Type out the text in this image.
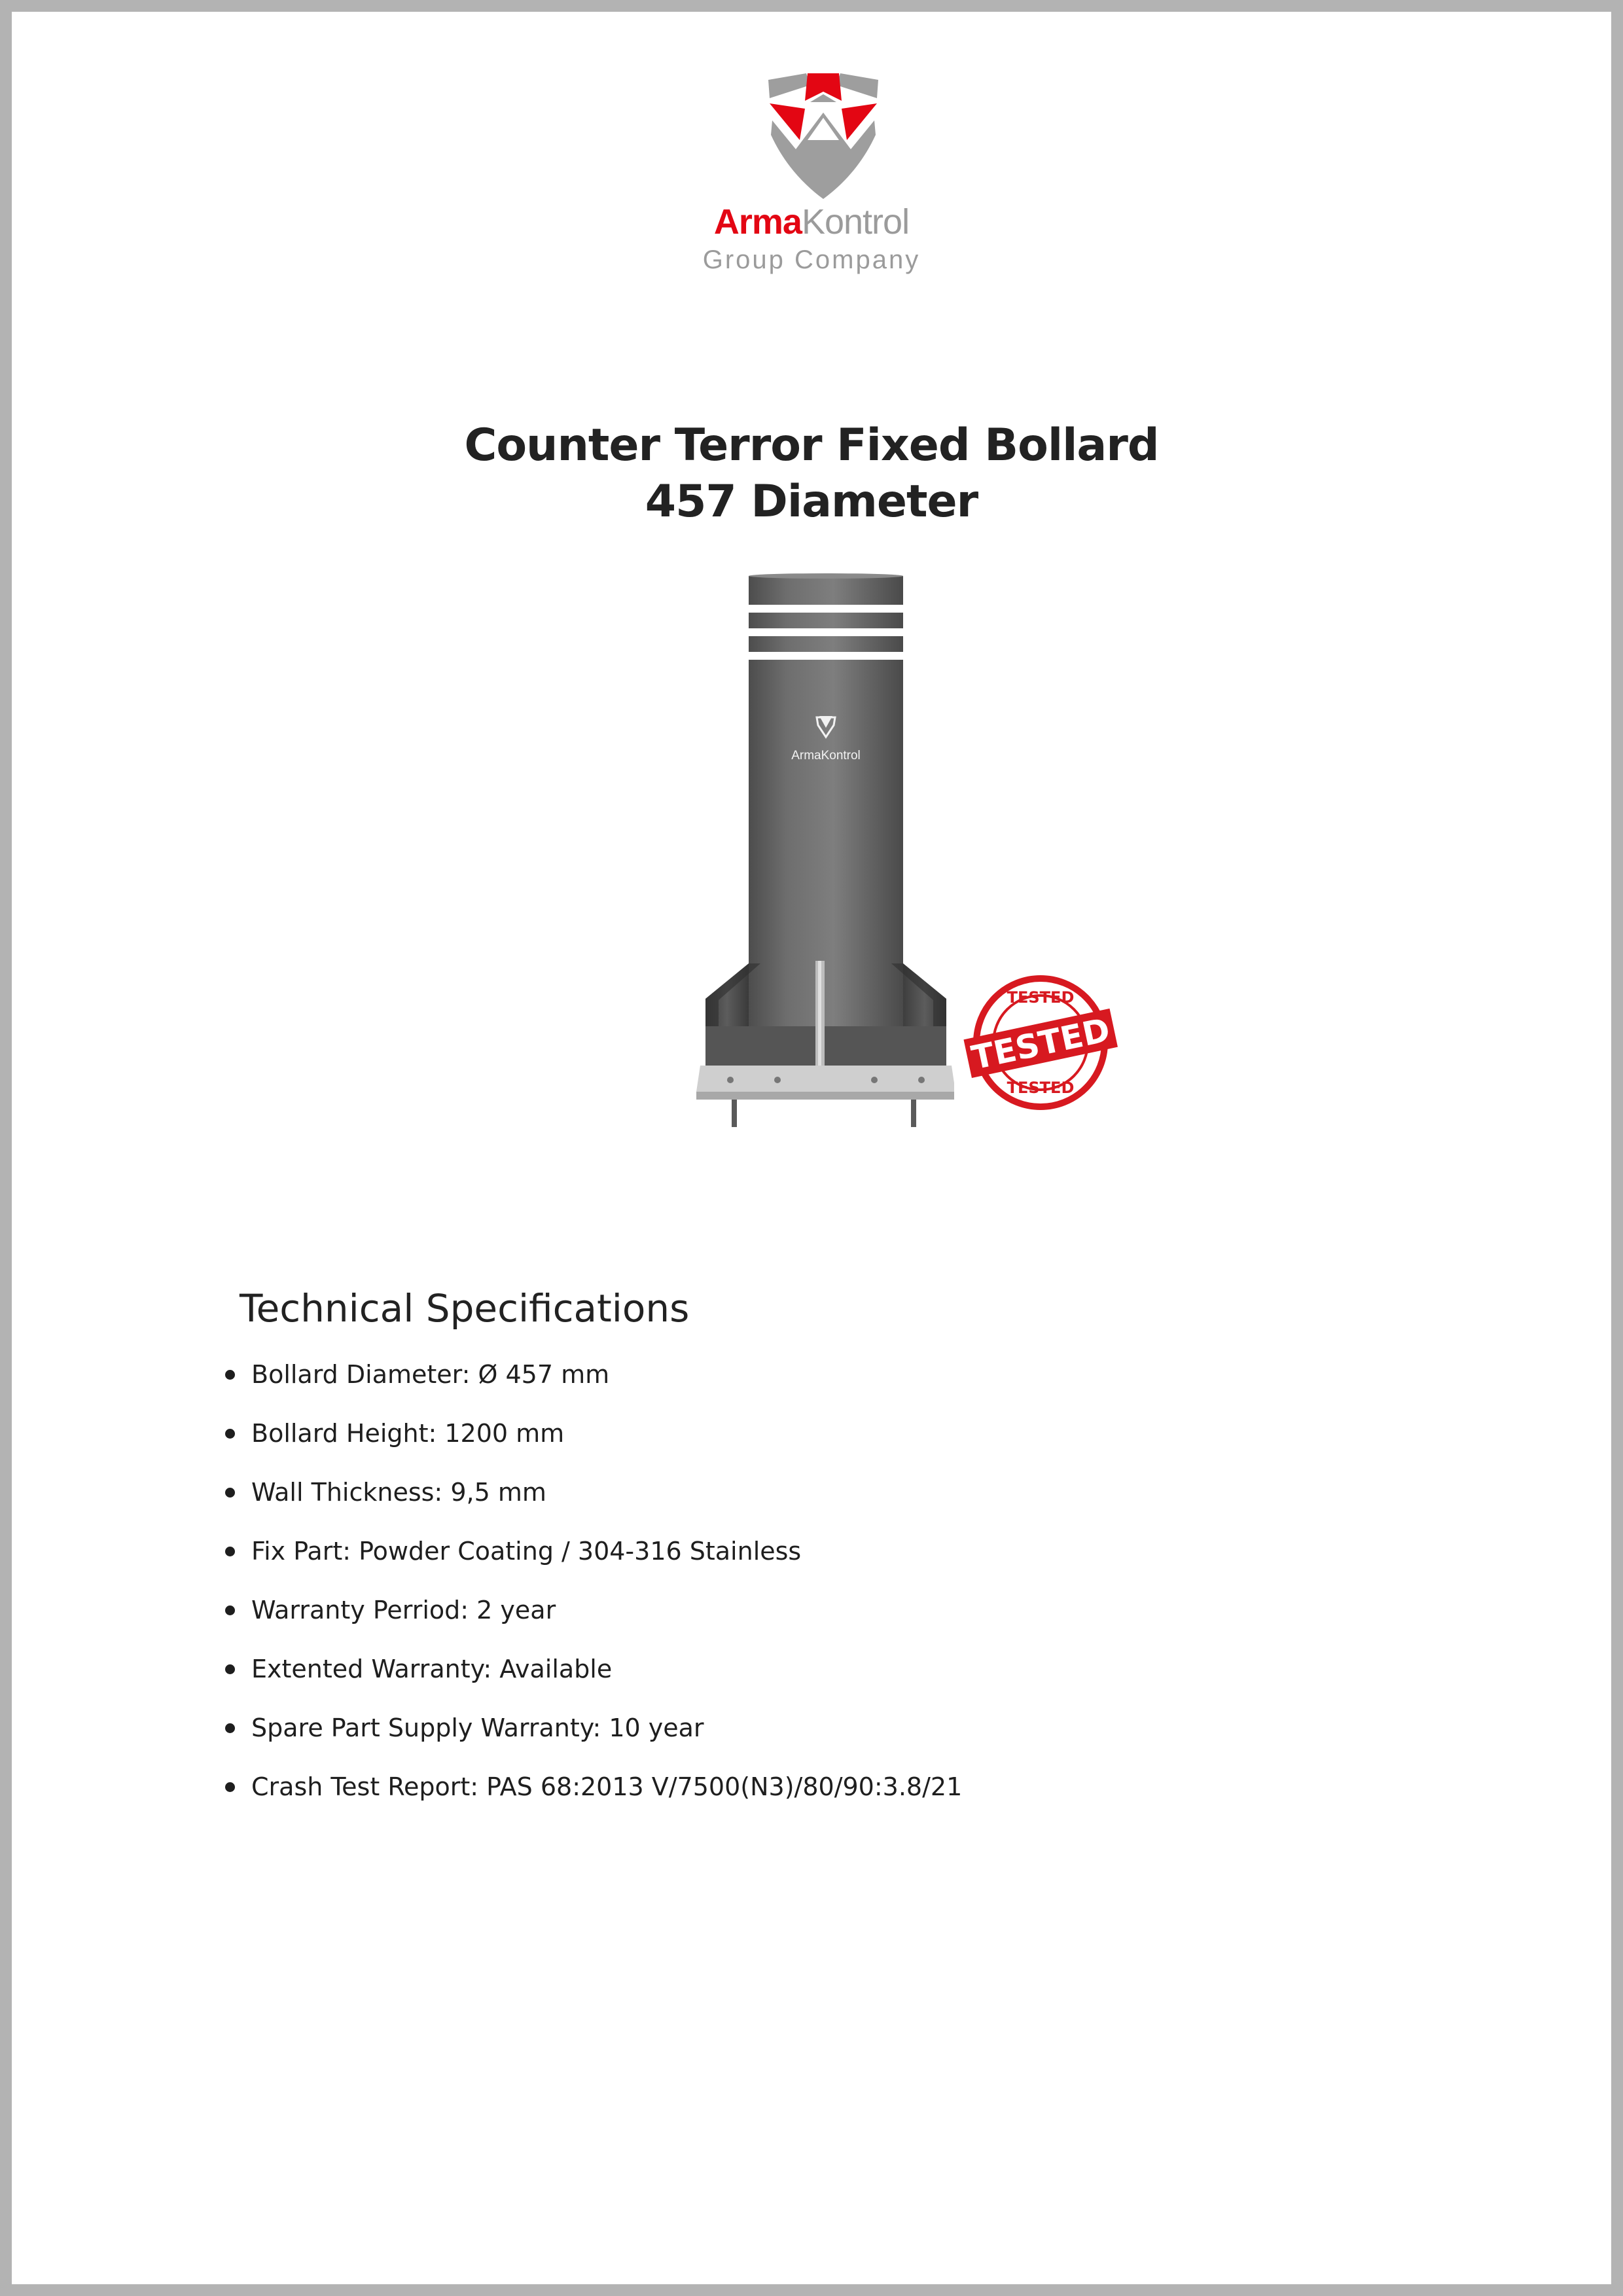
ArmaKontrol
Group Company
Counter Terror Fixed Bollard
457 Diameter
ArmaKontrol
TESTED
TESTED
TESTED
Technical Specifications
Bollard Diameter: Ø 457 mm
Bollard Height: 1200 mm
Wall Thickness: 9,5 mm
Fix Part: Powder Coating / 304-316 Stainless
Warranty Perriod: 2 year
Extented Warranty: Available
Spare Part Supply Warranty: 10 year
Crash Test Report: PAS 68:2013 V/7500(N3)/80/90:3.8/21
